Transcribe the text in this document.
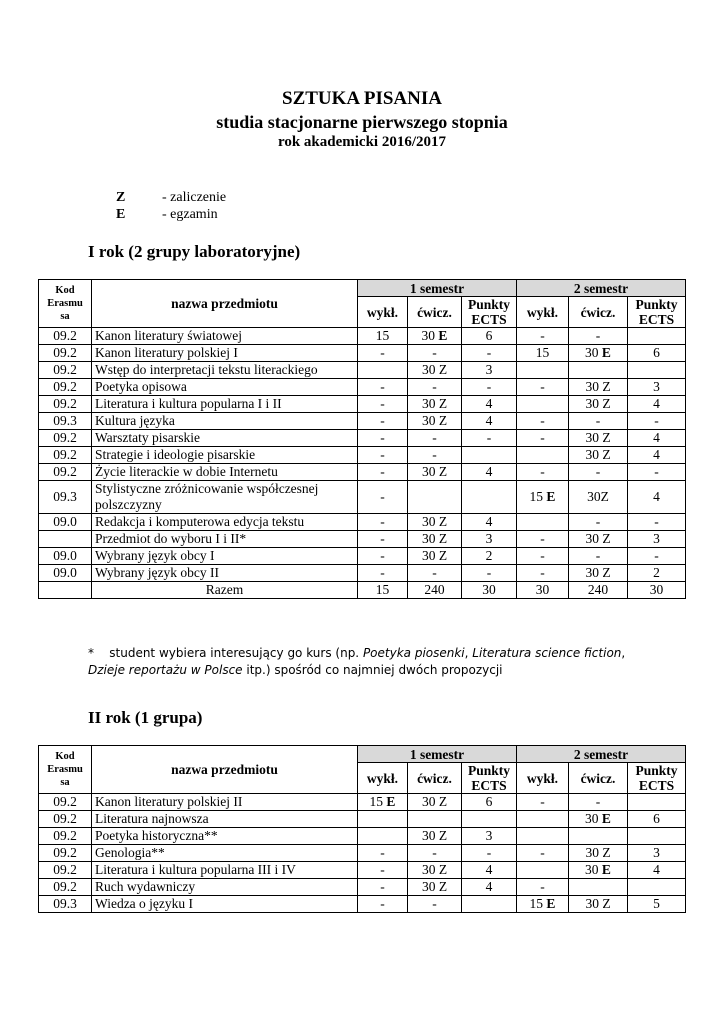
SZTUKA PISANIA
studia stacjonarne pierwszego stopnia
rok akademicki 2016/2017
Z	- zaliczenie
E	- egzamin
I rok (2 grupy laboratoryjne)
Kod Erasmu sa	nazwa przedmiotu	1 semestr			2 semestr		
		wykł.	ćwicz.	Punkty ECTS	wykł.	ćwicz.	Punkty ECTS
09.2	Kanon literatury światowej	15	30 E	6	-	-	
09.2	Kanon literatury polskiej I	-	-	-	15	30 E	6
09.2	Wstęp do interpretacji tekstu literackiego		30 Z	3			
09.2	Poetyka opisowa	-	-	-	-	30 Z	3
09.2	Literatura i kultura popularna I i II	-	30 Z	4		30 Z	4
09.3	Kultura języka	-	30 Z	4	-	-	-
09.2	Warsztaty pisarskie	-	-	-	-	30 Z	4
09.2	Strategie i ideologie pisarskie	-	-			30 Z	4
09.2	Życie literackie w dobie Internetu	-	30 Z	4	-	-	-
09.3	Stylistyczne zróżnicowanie współczesnej polszczyzny	-			15 E	30Z	4
09.0	Redakcja i komputerowa edycja tekstu	-	30 Z	4		-	-
	Przedmiot do wyboru I i II*	-	30 Z	3	-	30 Z	3
09.0	Wybrany język obcy I	-	30 Z	2	-	-	-
09.0	Wybrany język obcy II	-	-	-	-	30 Z	2
	Razem	15	240	30	30	240	30
* student wybiera interesujący go kurs (np. Poetyka piosenki, Literatura science fiction, Dzieje reportażu w Polsce itp.) spośród co najmniej dwóch propozycji
II rok (1 grupa)
Kod Erasmu sa	nazwa przedmiotu	1 semestr			2 semestr		
		wykł.	ćwicz.	Punkty ECTS	wykł.	ćwicz.	Punkty ECTS
09.2	Kanon literatury polskiej II	15 E	30 Z	6	-	-	
09.2	Literatura najnowsza					30 E	6
09.2	Poetyka historyczna**		30 Z	3			
09.2	Genologia**	-	-	-	-	30 Z	3
09.2	Literatura i kultura popularna III i IV	-	30 Z	4		30 E	4
09.2	Ruch wydawniczy	-	30 Z	4	-		
09.3	Wiedza o języku I	-	-		15 E	30 Z	5
